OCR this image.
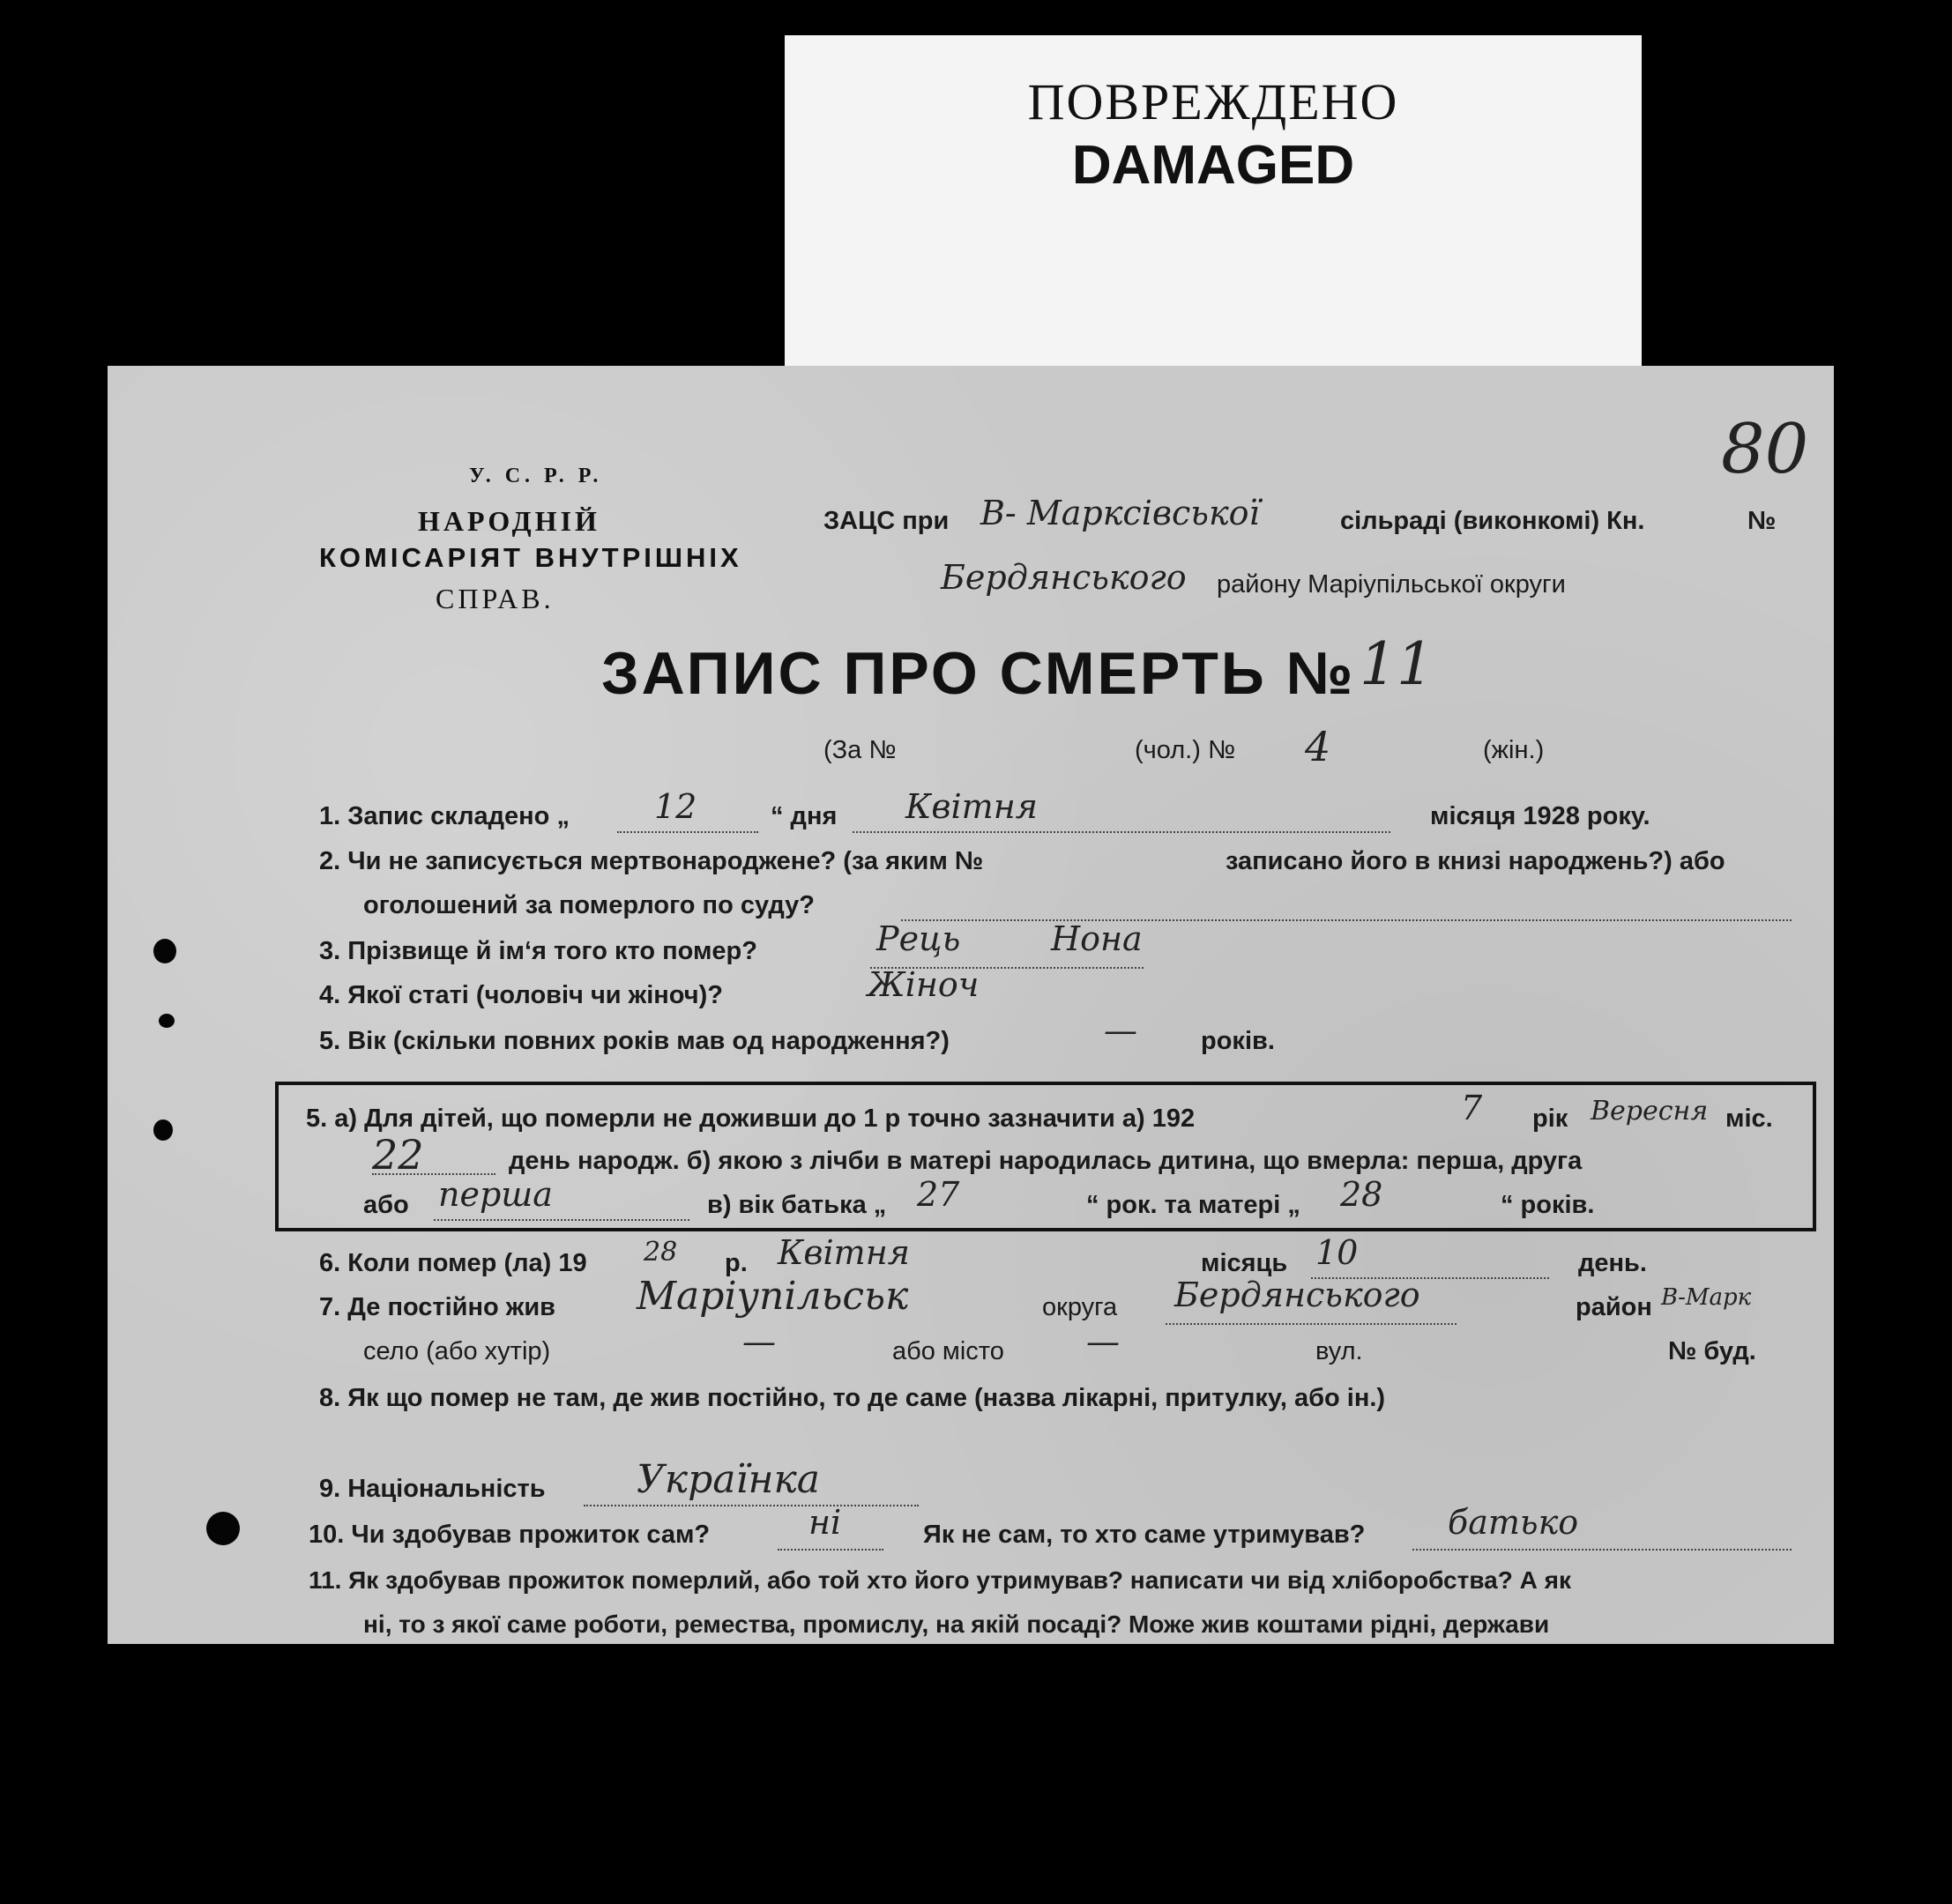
ПОВРЕЖДЕНО
DAMAGED
80
У. С. Р. Р.
НАРОДНІЙ
КОМІСАРІЯТ ВНУТРІШНІХ
СПРАВ.
ЗАЦС при В- Марксівської	сільраді (виконкомі) Кн.	№
Бердянського району Маріупільської округи
ЗАПИС ПРО СМЕРТЬ № 11
(За №	(чол.) № 4	(жін.)
1. Запис складено „	12	“ дня Квітня	місяця 1928 року.
2. Чи не записується мертвонароджене? (за яким №	записано його в книзі народжень?) або
оголошений за померлого по суду?
3. Прізвище й ім‘я того кто помер?	Рець	Нона
4. Якої статі (чоловіч чи жіноч)?	Жіноч
5. Вік (скільки повних років мав од народження?)	— років.
5. а) Для дітей, що померли не доживши до 1 р точно зазначити а) 192	7 рік Вересня міс.
22	день народж. б) якою з лічби в матері народилась дитина, що вмерла: перша, друга
або перша	в) вік батька „ 27	“ рок. та матері „ 28	“ років.
6. Коли помер (ла) 19 28 р. Квітня	місяць 10	день.
7. Де постійно жив Маріупільськ	округа Бердянського	район В-Марк
село (або хутір)	—	або місто —	вул.	№ буд.
8. Як що помер не там, де жив постійно, то де саме (назва лікарні, притулку, або ін.)
9. Національність Українка
10. Чи здобував прожиток сам?	ні	Як не сам, то хто саме утримував? батько
11. Як здобував прожиток померлий, або той хто його утримував? написати чи від хліборобства? А як
ні, то з якої саме роботи, ремества, промислу, на якій посаді? Може жив коштами рідні, держави
